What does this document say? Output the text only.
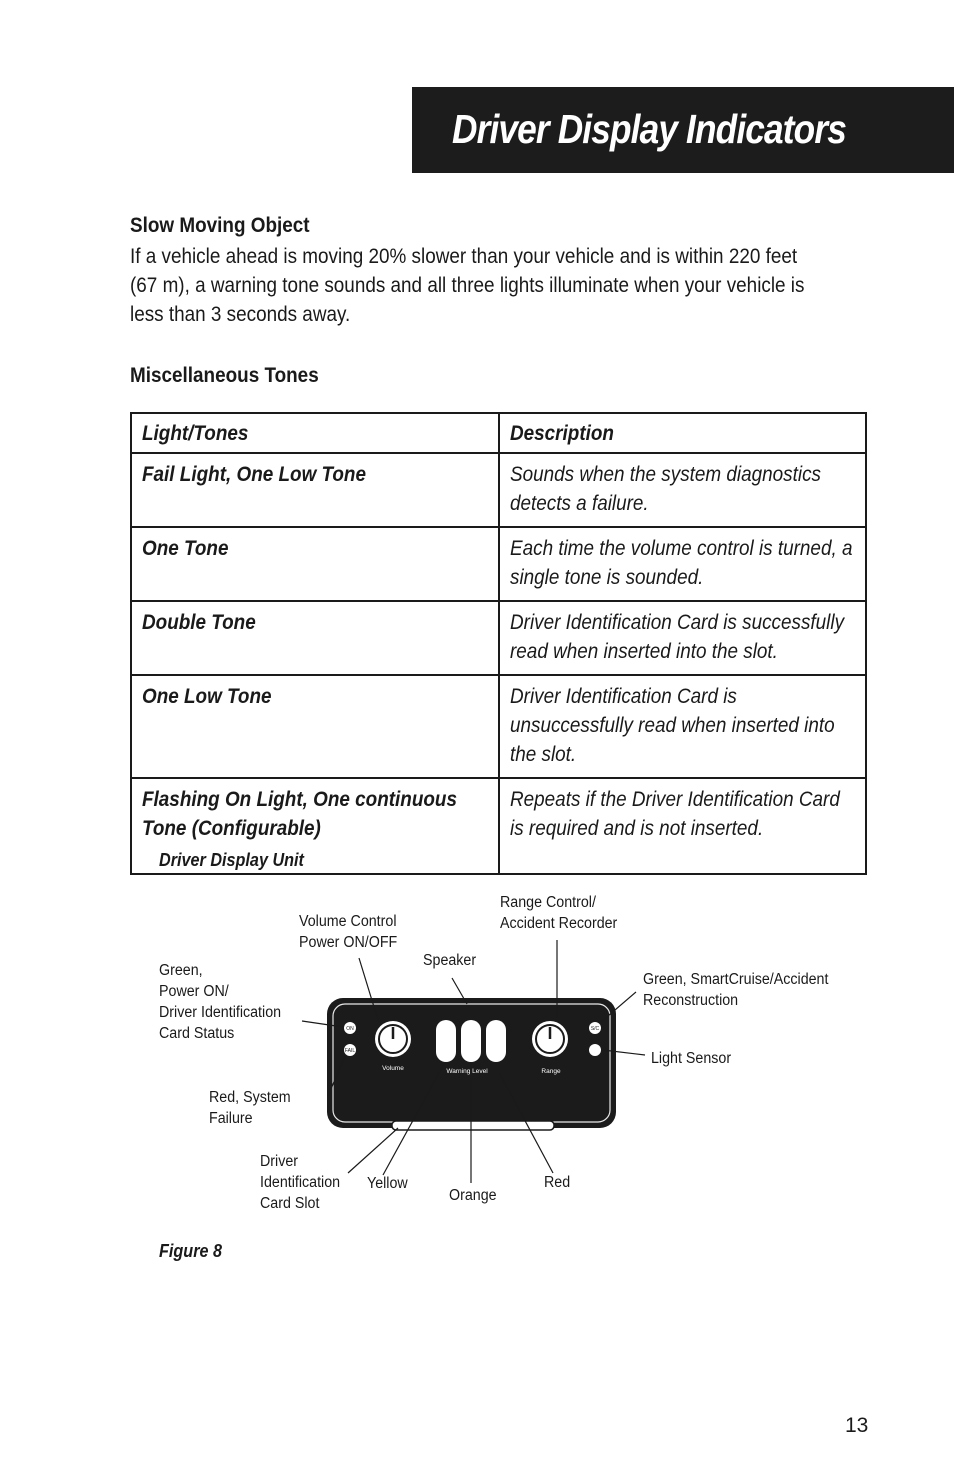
Driver Display Indicators
Slow Moving Object
If a vehicle ahead is moving 20% slower than your vehicle and is within 220 feet
(67 m), a warning tone sounds and all three lights illuminate when your vehicle is
less than 3 seconds away.
Miscellaneous Tones
Light/Tones	Description

Fail Light, One Low Tone	Sounds when the system diagnostics detects a failure.

One Tone	Each time the volume control is turned, a single tone is sounded.

Double Tone	Driver Identification Card is successfully read when inserted into the slot.

One Low Tone	Driver Identification Card is unsuccessfully read when inserted into the slot.

Flashing On Light, One continuous Tone (Configurable)	Repeats if the Driver Identification Card is required and is not inserted.
Driver Display Unit
ON
FAIL
S/C
Volume	Warning Level	Range
Volume Control
Power ON/OFF
Range Control/
Accident Recorder
Speaker
Green,
Power ON/
Driver Identification
Card Status
Green, SmartCruise/Accident
Reconstruction
Light Sensor
Red, System
Failure
Driver
Identification
Card Slot
Yellow
Orange
Red
Figure 8
13
